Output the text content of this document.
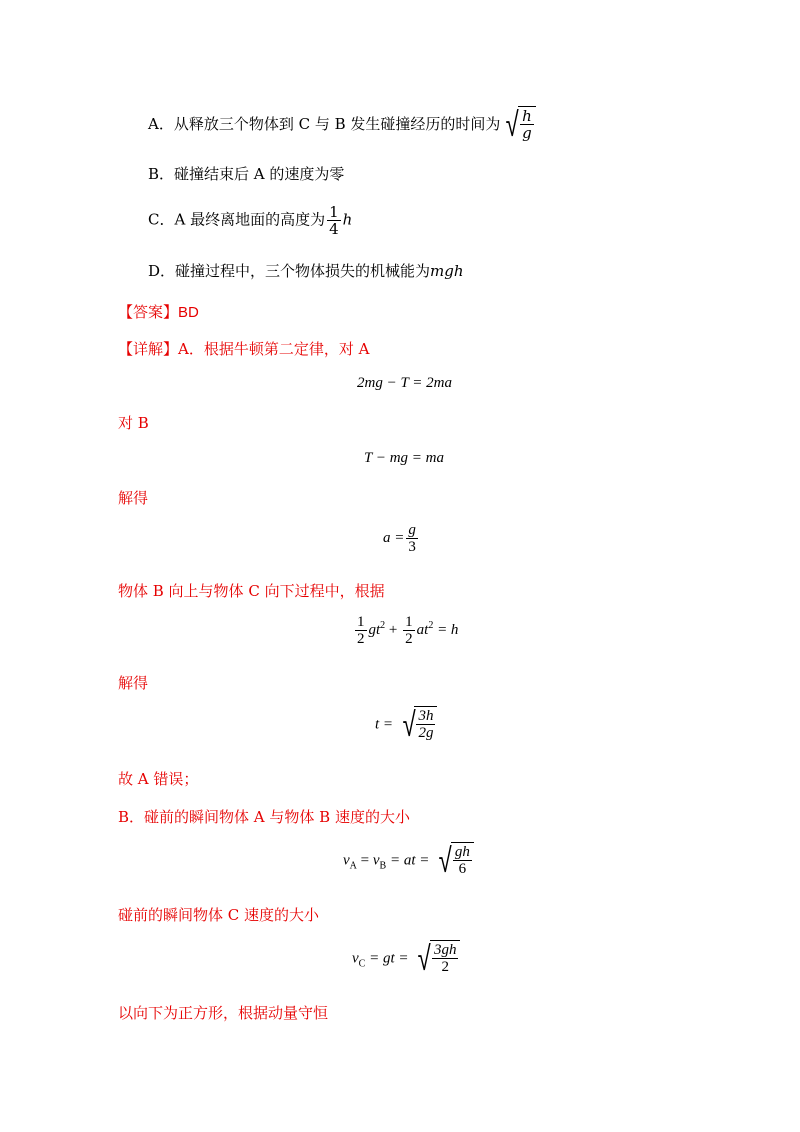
A．从释放三个物体到 C 与 B 发生碰撞经历的时间为 √ $\frac{h}{g}$
B．碰撞结束后 A 的速度为零
C．A 最终离地面的高度为 $\frac{1}{4}$ h
D．碰撞过程中，三个物体损失的机械能为mgh
【答案】BD
【详解】A．根据牛顿第二定律，对 A
2mg − T = 2ma
对 B
T − mg = ma
解得
$a = \frac{g}{3}$
物体 B 向上与物体 C 向下过程中，根据
$\frac{1}{2} gt^2 + \frac{1}{2} at^2 = h$
解得
t = √ $\frac{3h}{2g}$
故 A 错误；
B．碰前的瞬间物体 A 与物体 B 速度的大小
$v_A = v_B$ = at = √ $\frac{gh}{6}$
碰前的瞬间物体 C 速度的大小
$v_C$ = gt = √ $\frac{3gh}{2}$
以向下为正方形，根据动量守恒
